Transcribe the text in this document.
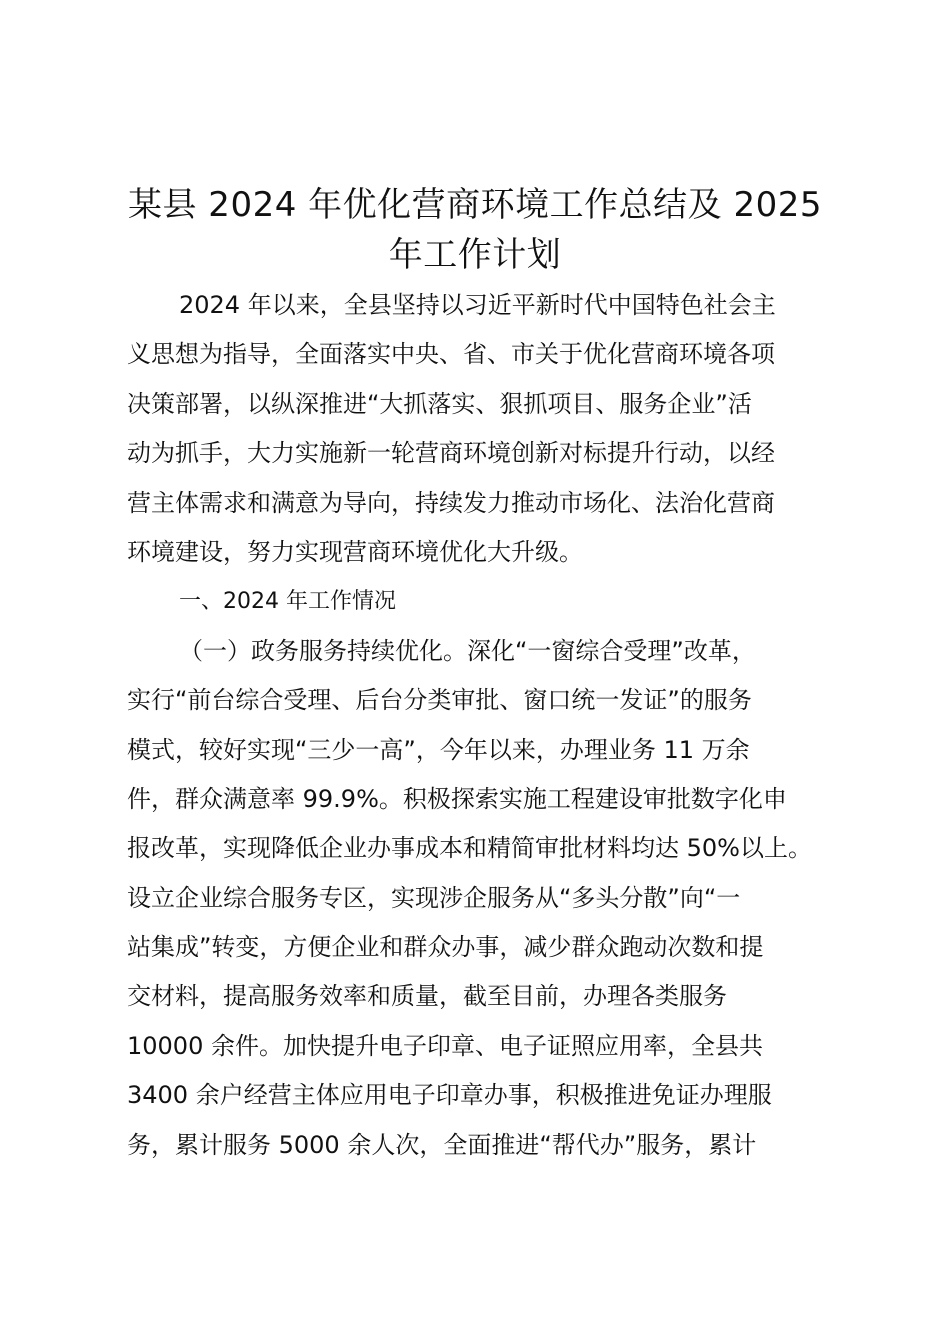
某县 2024 年优化营商环境工作总结及 2025
年工作计划
2024 年以来，全县坚持以习近平新时代中国特色社会主
义思想为指导，全面落实中央、省、市关于优化营商环境各项
决策部署，以纵深推进“大抓落实、狠抓项目、服务企业”活
动为抓手，大力实施新一轮营商环境创新对标提升行动，以经
营主体需求和满意为导向，持续发力推动市场化、法治化营商
环境建设，努力实现营商环境优化大升级。
一、2024 年工作情况
（一）政务服务持续优化。深化“一窗综合受理”改革，
实行“前台综合受理、后台分类审批、窗口统一发证”的服务
模式，较好实现“三少一高”，今年以来，办理业务 11 万余
件，群众满意率 99.9%。积极探索实施工程建设审批数字化申
报改革，实现降低企业办事成本和精简审批材料均达 50%以上。
设立企业综合服务专区，实现涉企服务从“多头分散”向“一
站集成”转变，方便企业和群众办事，减少群众跑动次数和提
交材料，提高服务效率和质量，截至目前，办理各类服务
10000 余件。加快提升电子印章、电子证照应用率，全县共
3400 余户经营主体应用电子印章办事，积极推进免证办理服
务，累计服务 5000 余人次，全面推进“帮代办”服务，累计
